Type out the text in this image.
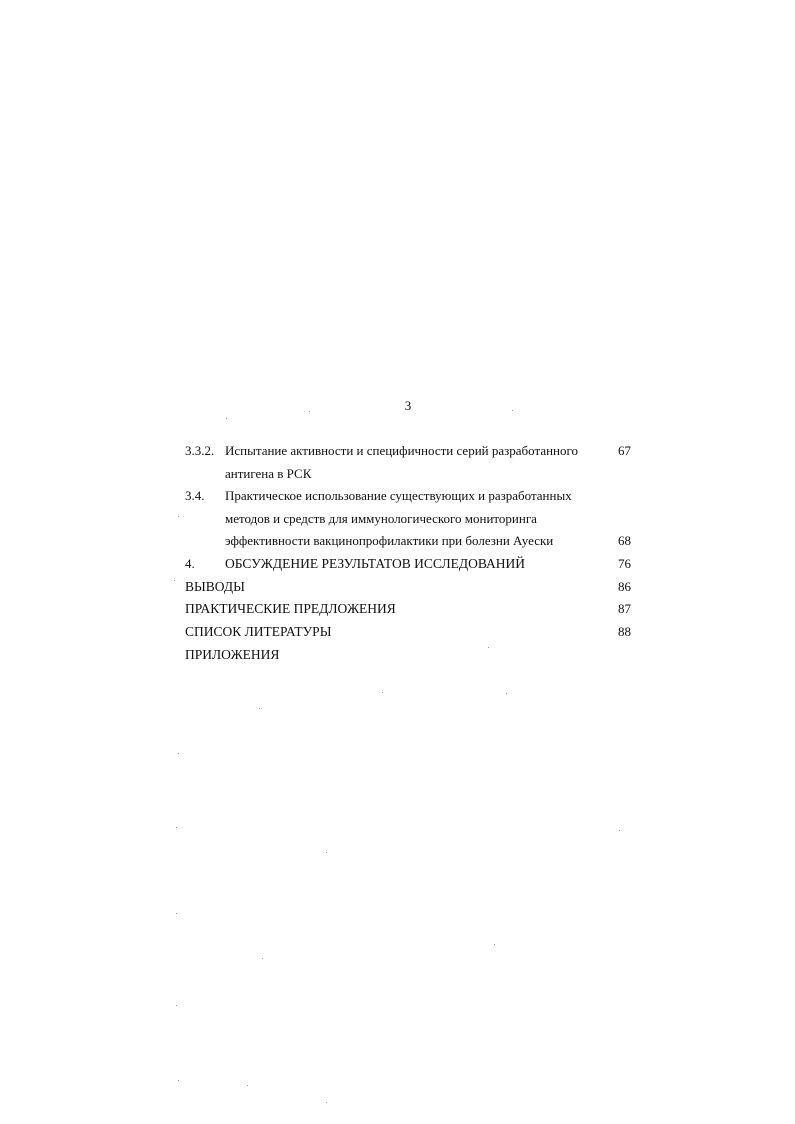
3
3.3.2. Испытание активности и специфичности серий разработанного	67
антигена в РСК
3.4. Практическое использование существующих и разработанных
методов и средств для иммунологического мониторинга
эффективности вакцинопрофилактики при болезни Ауески	68
4. ОБСУЖДЕНИЕ РЕЗУЛЬТАТОВ ИССЛЕДОВАНИЙ	76
ВЫВОДЫ	86
ПРАКТИЧЕСКИЕ ПРЕДЛОЖЕНИЯ	87
СПИСОК ЛИТЕРАТУРЫ	88
ПРИЛОЖЕНИЯ
